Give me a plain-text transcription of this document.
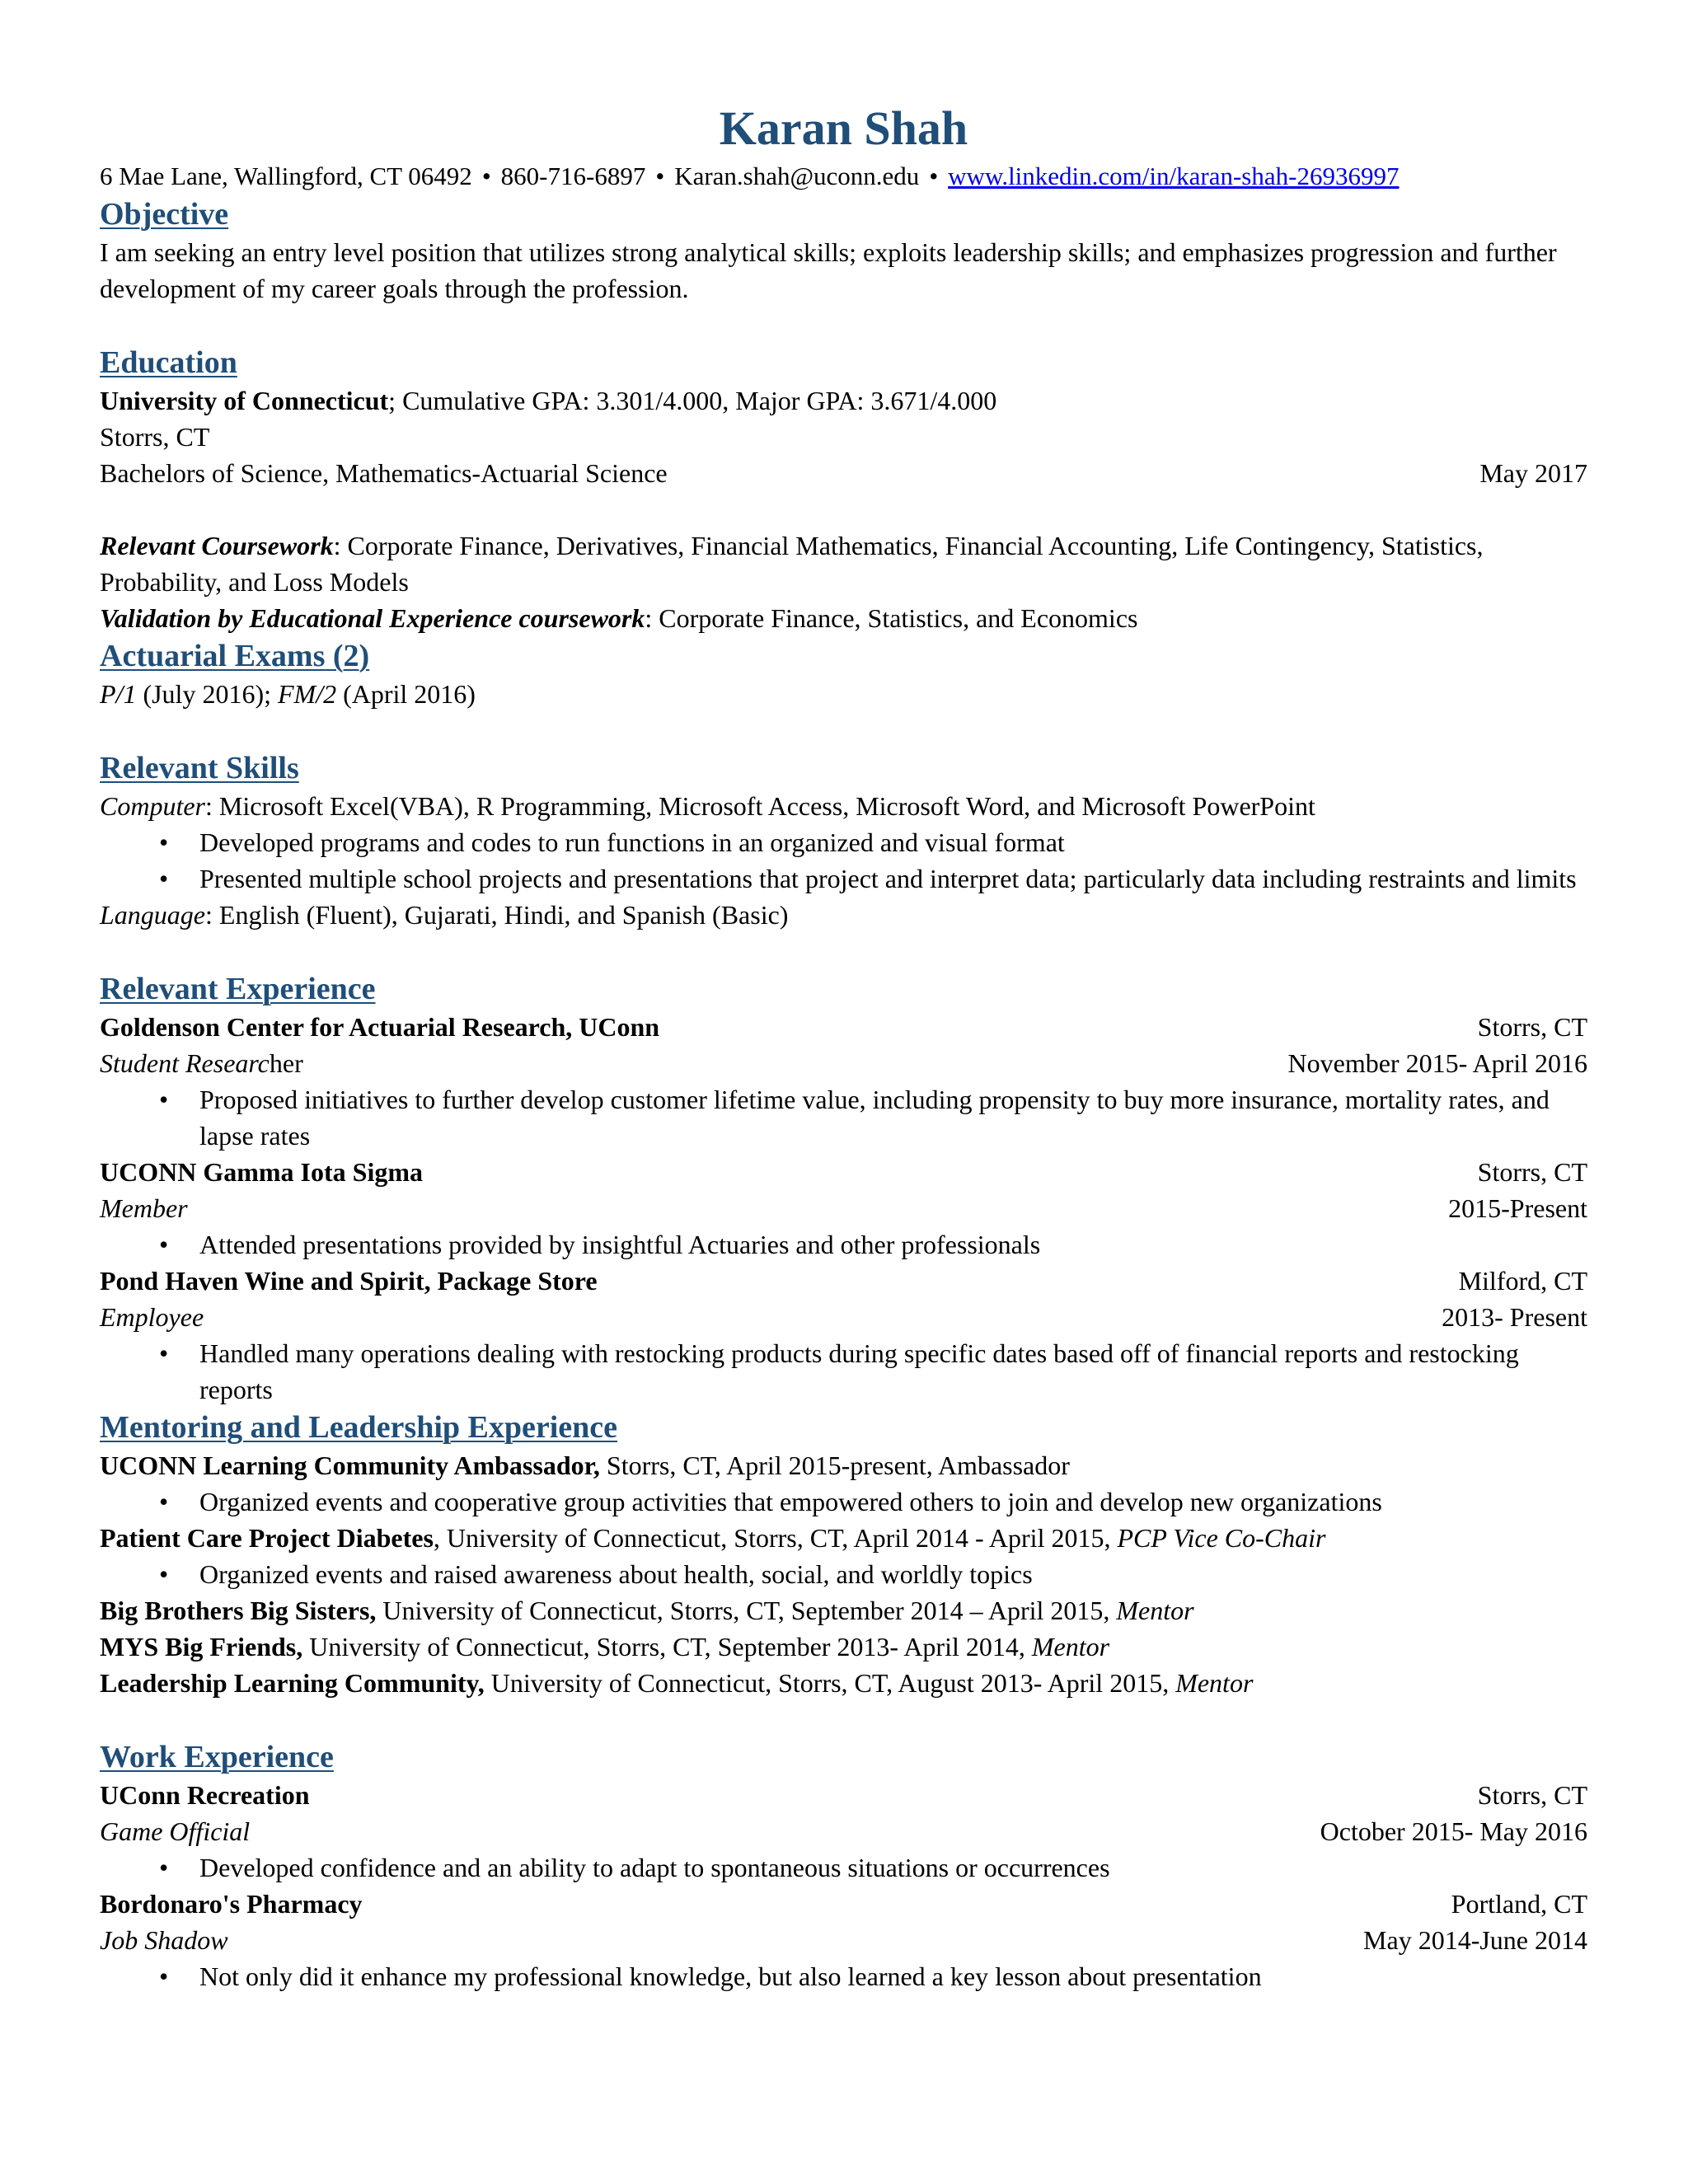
Karan Shah
6 Mae Lane, Wallingford, CT 06492 • 860-716-6897 • Karan.shah@uconn.edu • www.linkedin.com/in/karan-shah-26936997
Objective

I am seeking an entry level position that utilizes strong analytical skills; exploits leadership skills; and emphasizes progression and further development of my career goals through the profession.

Education

University of Connecticut; Cumulative GPA: 3.301/4.000, Major GPA: 3.671/4.000

Storrs, CT

Bachelors of Science, Mathematics-Actuarial Science	May 2017

Relevant Coursework: Corporate Finance, Derivatives, Financial Mathematics, Financial Accounting, Life Contingency, Statistics, Probability, and Loss Models

Validation by Educational Experience coursework: Corporate Finance, Statistics, and Economics

Actuarial Exams (2)

P/1 (July 2016); FM/2 (April 2016)

Relevant Skills

Computer: Microsoft Excel(VBA), R Programming, Microsoft Access, Microsoft Word, and Microsoft PowerPoint

• Developed programs and codes to run functions in an organized and visual format
• Presented multiple school projects and presentations that project and interpret data; particularly data including restraints and limits

Language: English (Fluent), Gujarati, Hindi, and Spanish (Basic)

Relevant Experience
Goldenson Center for Actuarial Research, UConn	Storrs, CT
Student Researcher	November 2015- April 2016
• Proposed initiatives to further develop customer lifetime value, including propensity to buy more insurance, mortality rates, and lapse rates
UCONN Gamma Iota Sigma	Storrs, CT
Member	2015-Present
• Attended presentations provided by insightful Actuaries and other professionals
Pond Haven Wine and Spirit, Package Store	Milford, CT
Employee	2013- Present
• Handled many operations dealing with restocking products during specific dates based off of financial reports and restocking reports
Mentoring and Leadership Experience

UCONN Learning Community Ambassador, Storrs, CT, April 2015-present, Ambassador

• Organized events and cooperative group activities that empowered others to join and develop new organizations

Patient Care Project Diabetes, University of Connecticut, Storrs, CT, April 2014 - April 2015, PCP Vice Co-Chair

• Organized events and raised awareness about health, social, and worldly topics

Big Brothers Big Sisters, University of Connecticut, Storrs, CT, September 2014 – April 2015, Mentor

MYS Big Friends, University of Connecticut, Storrs, CT, September 2013- April 2014, Mentor

Leadership Learning Community, University of Connecticut, Storrs, CT, August 2013- April 2015, Mentor

Work Experience
UConn Recreation	Storrs, CT
Game Official	October 2015- May 2016
• Developed confidence and an ability to adapt to spontaneous situations or occurrences
Bordonaro's Pharmacy	Portland, CT
Job Shadow	May 2014-June 2014
• Not only did it enhance my professional knowledge, but also learned a key lesson about presentation
